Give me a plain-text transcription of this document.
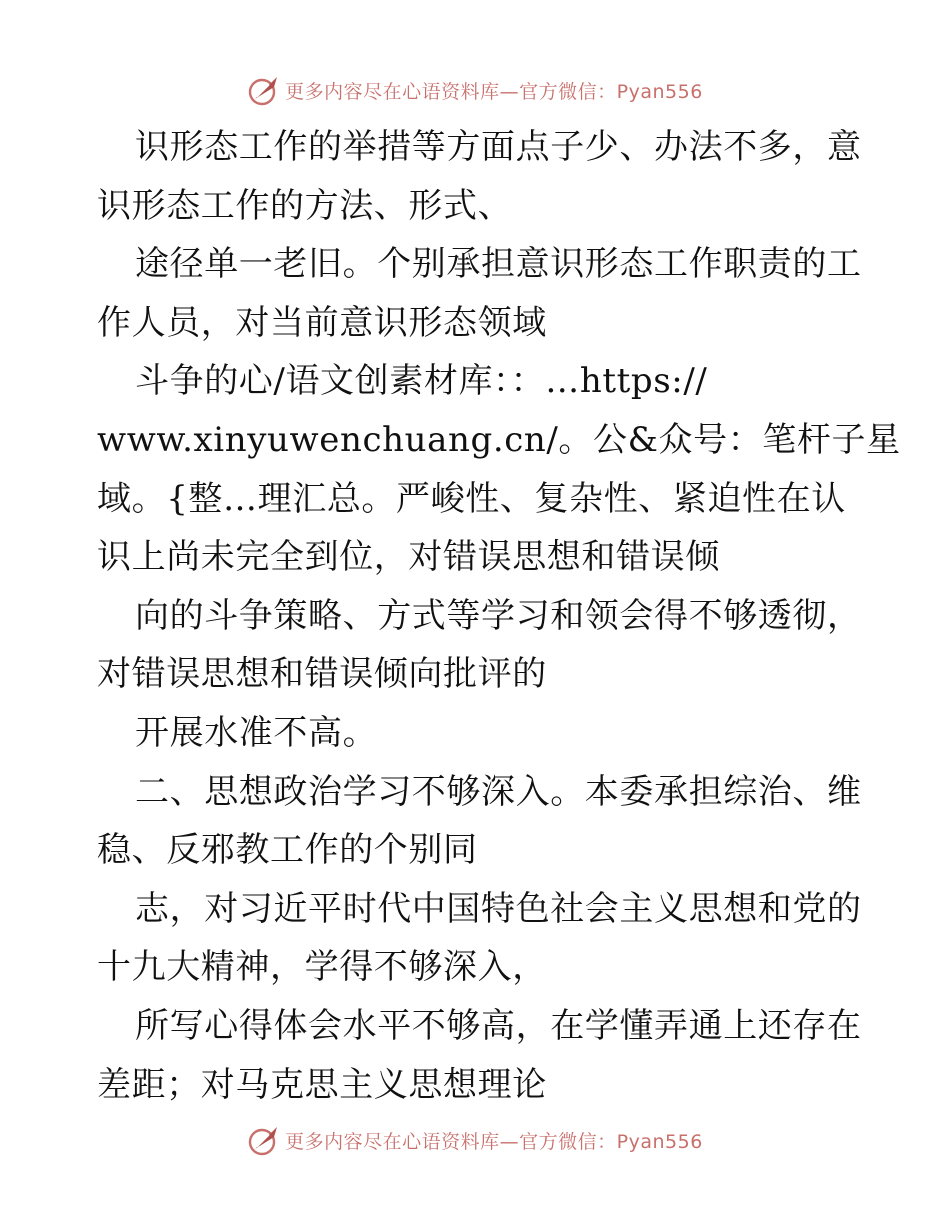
更多内容尽在心语资料库—官方微信：Pyan556
识形态工作的举措等方面点子少、办法不多，意
识形态工作的方法、形式、
途径单一老旧。个别承担意识形态工作职责的工
作人员，对当前意识形态领域
斗争的心/语文创素材库：：…https://
www.xinyuwenchuang.cn/。公&众号：笔杆子星
域。{整…理汇总。严峻性、复杂性、紧迫性在认
识上尚未完全到位，对错误思想和错误倾
向的斗争策略、方式等学习和领会得不够透彻，
对错误思想和错误倾向批评的
开展水准不高。
二、思想政治学习不够深入。本委承担综治、维
稳、反邪教工作的个别同
志，对习近平时代中国特色社会主义思想和党的
十九大精神，学得不够深入，
所写心得体会水平不够高，在学懂弄通上还存在
差距；对马克思主义思想理论
更多内容尽在心语资料库—官方微信：Pyan556
